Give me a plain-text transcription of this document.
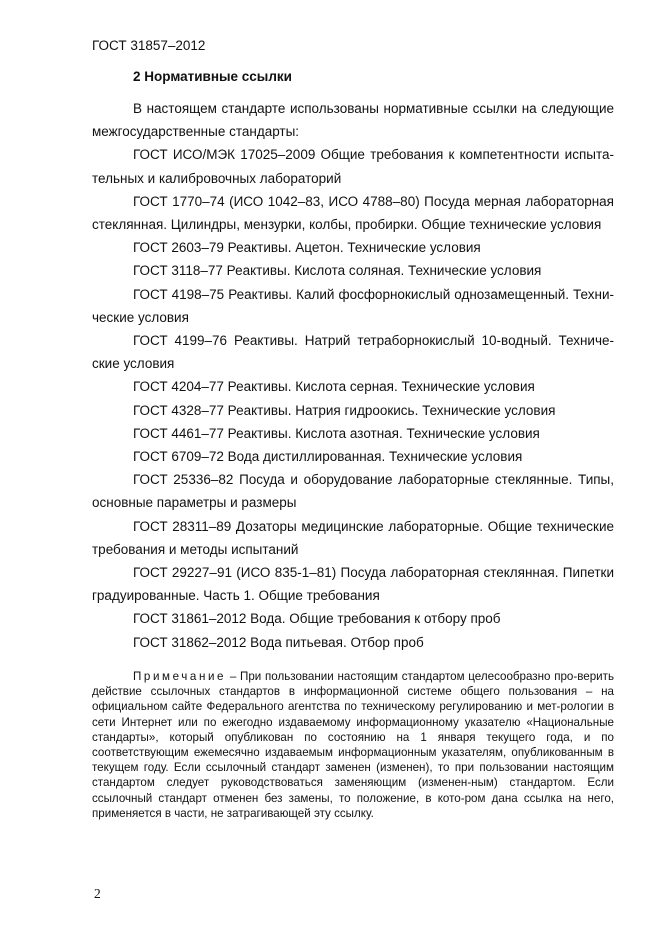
ГОСТ 31857–2012
2 Нормативные ссылки

В настоящем стандарте использованы нормативные ссылки на следующие межгосударственные стандарты:

ГОСТ ИСО/МЭК 17025–2009 Общие требования к компетентности испыта-тельных и калибровочных лабораторий

ГОСТ 1770–74 (ИСО 1042–83, ИСО 4788–80) Посуда мерная лабораторная стеклянная. Цилиндры, мензурки, колбы, пробирки. Общие технические условия

ГОСТ 2603–79 Реактивы. Ацетон. Технические условия

ГОСТ 3118–77 Реактивы. Кислота соляная. Технические условия

ГОСТ 4198–75 Реактивы. Калий фосфорнокислый однозамещенный. Техни-ческие условия

ГОСТ 4199–76 Реактивы. Натрий тетраборнокислый 10-водный. Техниче-ские условия

ГОСТ 4204–77 Реактивы. Кислота серная. Технические условия

ГОСТ 4328–77 Реактивы. Натрия гидроокись. Технические условия

ГОСТ 4461–77 Реактивы. Кислота азотная. Технические условия

ГОСТ 6709–72 Вода дистиллированная. Технические условия

ГОСТ 25336–82 Посуда и оборудование лабораторные стеклянные. Типы, основные параметры и размеры

ГОСТ 28311–89 Дозаторы медицинские лабораторные. Общие технические требования и методы испытаний

ГОСТ 29227–91 (ИСО 835-1–81) Посуда лабораторная стеклянная. Пипетки градуированные. Часть 1. Общие требования

ГОСТ 31861–2012 Вода. Общие требования к отбору проб

ГОСТ 31862–2012 Вода питьевая. Отбор проб

Примечание – При пользовании настоящим стандартом целесообразно про-верить действие ссылочных стандартов в информационной системе общего пользования – на официальном сайте Федерального агентства по техническому регулированию и мет-рологии в сети Интернет или по ежегодно издаваемому информационному указателю «Национальные стандарты», который опубликован по состоянию на 1 января текущего года, и по соответствующим ежемесячно издаваемым информационным указателям, опубликованным в текущем году. Если ссылочный стандарт заменен (изменен), то при пользовании настоящим стандартом следует руководствоваться заменяющим (изменен-ным) стандартом. Если ссылочный стандарт отменен без замены, то положение, в кото-ром дана ссылка на него, применяется в части, не затрагивающей эту ссылку.

2
